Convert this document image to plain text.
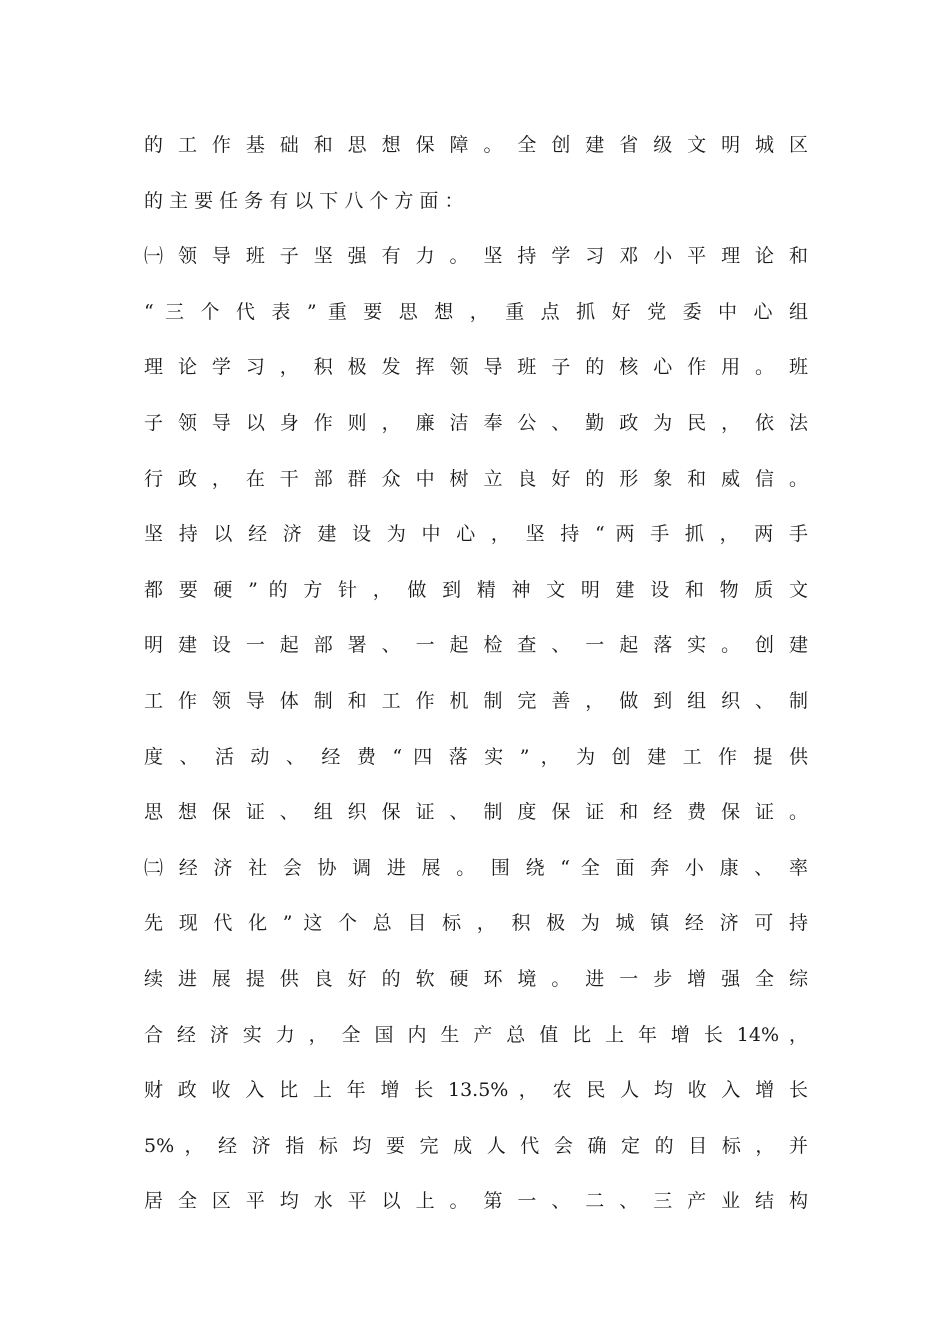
的 工 作 基 础 和 思 想 保 障 。 全 创 建 省 级 文 明 城 区
的 主 要 任 务 有 以 下 八 个 方 面 ：
㈠ 领 导 班 子 坚 强 有 力 。 坚 持 学 习 邓 小 平 理 论 和
“ 三 个 代 表 ” 重 要 思 想 ， 重 点 抓 好 党 委 中 心 组
理 论 学 习 ， 积 极 发 挥 领 导 班 子 的 核 心 作 用 。 班
子 领 导 以 身 作 则 ， 廉 洁 奉 公 、 勤 政 为 民 ， 依 法
行 政 ， 在 干 部 群 众 中 树 立 良 好 的 形 象 和 威 信 。
坚 持 以 经 济 建 设 为 中 心 ， 坚 持 “ 两 手 抓 ， 两 手
都 要 硬 ” 的 方 针 ， 做 到 精 神 文 明 建 设 和 物 质 文
明 建 设 一 起 部 署 、 一 起 检 查 、 一 起 落 实 。 创 建
工 作 领 导 体 制 和 工 作 机 制 完 善 ， 做 到 组 织 、 制
度 、 活 动 、 经 费 “ 四 落 实 ” ， 为 创 建 工 作 提 供
思 想 保 证 、 组 织 保 证 、 制 度 保 证 和 经 费 保 证 。
㈡ 经 济 社 会 协 调 进 展 。 围 绕 “ 全 面 奔 小 康 、 率
先 现 代 化 ” 这 个 总 目 标 ， 积 极 为 城 镇 经 济 可 持
续 进 展 提 供 良 好 的 软 硬 环 境 。 进 一 步 增 强 全 综
合 经 济 实 力 ， 全 国 内 生 产 总 值 比 上 年 增 长 14% ，
财 政 收 入 比 上 年 增 长 13.5% ， 农 民 人 均 收 入 增 长
5% ， 经 济 指 标 均 要 完 成 人 代 会 确 定 的 目 标 ， 并
居 全 区 平 均 水 平 以 上 。 第 一 、 二 、 三 产 业 结 构
